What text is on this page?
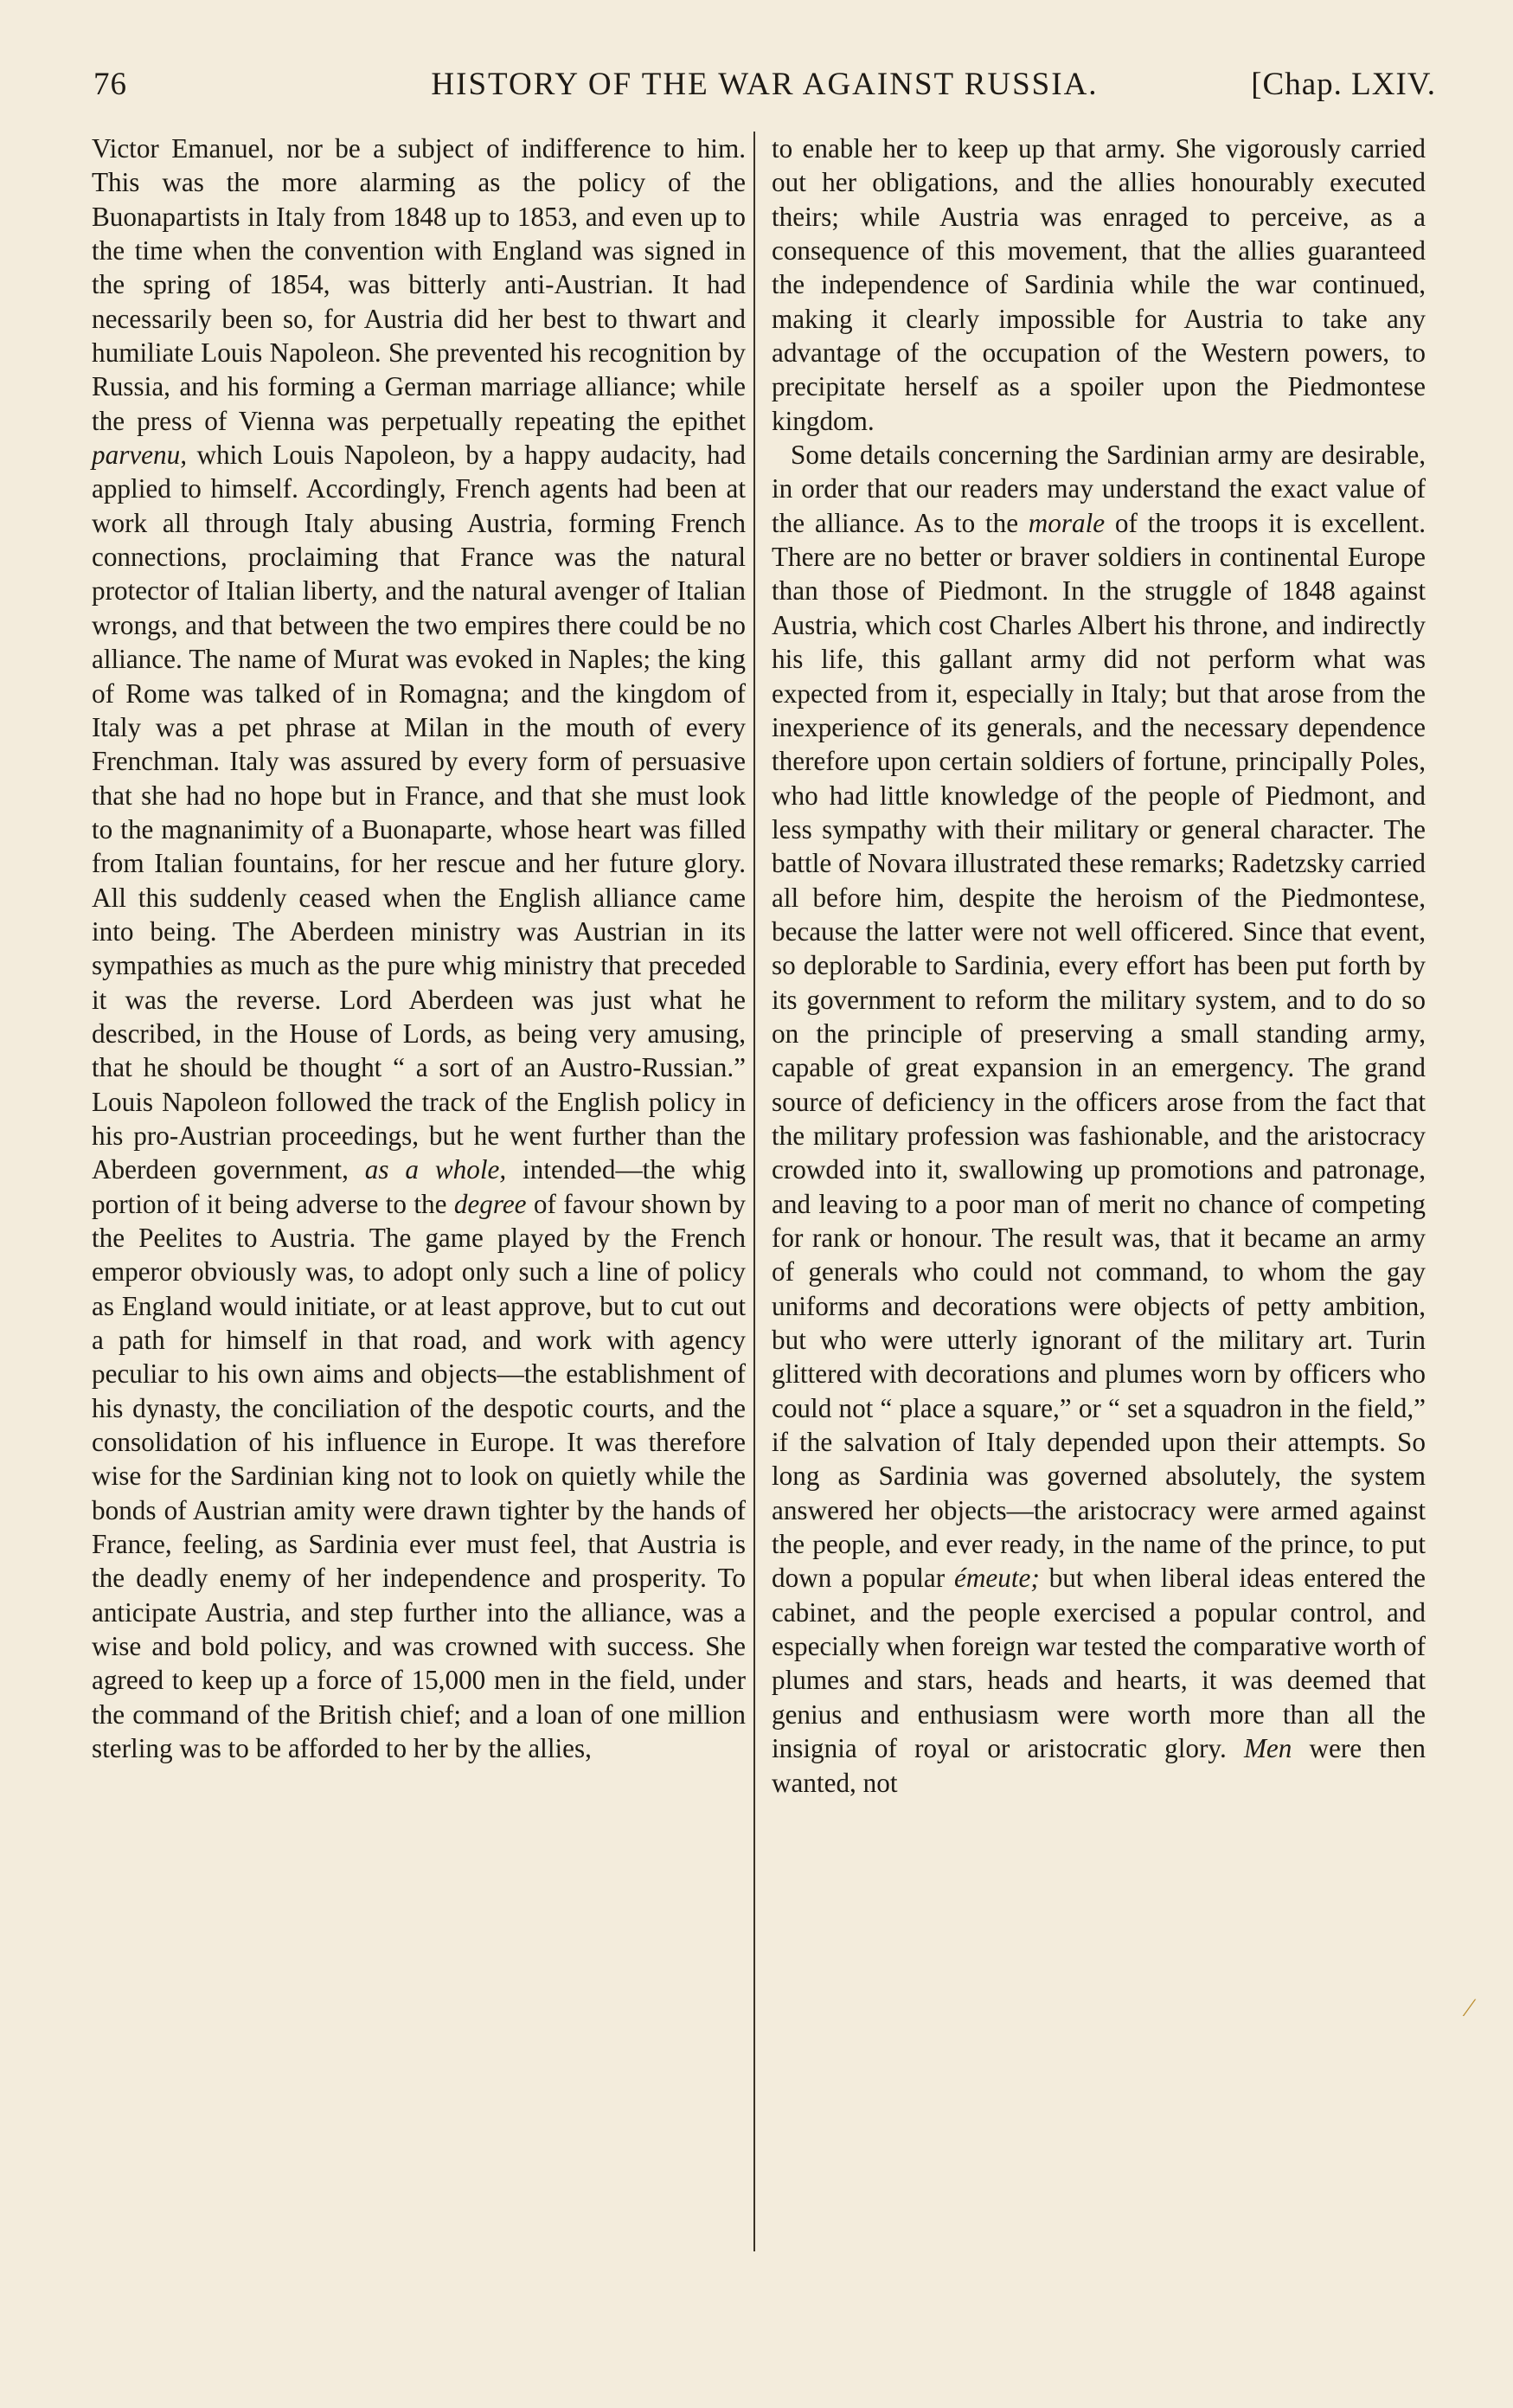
76	HISTORY OF THE WAR AGAINST RUSSIA.	[Chap. LXIV.

Victor Emanuel, nor be a subject of indifference to him. This was the more alarming as the policy of the Buonapartists in Italy from 1848 up to 1853, and even up to the time when the convention with England was signed in the spring of 1854, was bitterly anti-Austrian. It had necessarily been so, for Austria did her best to thwart and humiliate Louis Napoleon. She prevented his recognition by Russia, and his forming a German marriage alliance; while the press of Vienna was perpetually repeating the epithet parvenu, which Louis Napoleon, by a happy audacity, had applied to himself. Accordingly, French agents had been at work all through Italy abusing Austria, forming French connections, proclaiming that France was the natural protector of Italian liberty, and the natural avenger of Italian wrongs, and that between the two empires there could be no alliance. The name of Murat was evoked in Naples; the king of Rome was talked of in Romagna; and the kingdom of Italy was a pet phrase at Milan in the mouth of every Frenchman. Italy was assured by every form of persuasive that she had no hope but in France, and that she must look to the magnanimity of a Buonaparte, whose heart was filled from Italian fountains, for her rescue and her future glory. All this suddenly ceased when the English alliance came into being. The Aberdeen ministry was Austrian in its sympathies as much as the pure whig ministry that preceded it was the reverse. Lord Aberdeen was just what he described, in the House of Lords, as being very amusing, that he should be thought “ a sort of an Austro-Russian.” Louis Napoleon followed the track of the English policy in his pro-Austrian proceedings, but he went further than the Aberdeen government, as a whole, intended—the whig portion of it being adverse to the degree of favour shown by the Peelites to Austria. The game played by the French emperor obviously was, to adopt only such a line of policy as England would initiate, or at least approve, but to cut out a path for himself in that road, and work with agency peculiar to his own aims and objects—the establishment of his dynasty, the conciliation of the despotic courts, and the consolidation of his influence in Europe. It was therefore wise for the Sardinian king not to look on quietly while the bonds of Austrian amity were drawn tighter by the hands of France, feeling, as Sardinia ever must feel, that Austria is the deadly enemy of her independence and prosperity. To anticipate Austria, and step further into the alliance, was a wise and bold policy, and was crowned with success. She agreed to keep up a force of 15,000 men in the field, under the command of the British chief; and a loan of one million sterling was to be afforded to her by the allies,

to enable her to keep up that army. She vigorously carried out her obligations, and the allies honourably executed theirs; while Austria was enraged to perceive, as a consequence of this movement, that the allies guaranteed the independence of Sardinia while the war continued, making it clearly impossible for Austria to take any advantage of the occupation of the Western powers, to precipitate herself as a spoiler upon the Piedmontese kingdom.

Some details concerning the Sardinian army are desirable, in order that our readers may understand the exact value of the alliance. As to the morale of the troops it is excellent. There are no better or braver soldiers in continental Europe than those of Piedmont. In the struggle of 1848 against Austria, which cost Charles Albert his throne, and indirectly his life, this gallant army did not perform what was expected from it, especially in Italy; but that arose from the inexperience of its generals, and the necessary dependence therefore upon certain soldiers of fortune, principally Poles, who had little knowledge of the people of Piedmont, and less sympathy with their military or general character. The battle of Novara illustrated these remarks; Radetzsky carried all before him, despite the heroism of the Piedmontese, because the latter were not well officered. Since that event, so deplorable to Sardinia, every effort has been put forth by its government to reform the military system, and to do so on the principle of preserving a small standing army, capable of great expansion in an emergency. The grand source of deficiency in the officers arose from the fact that the military profession was fashionable, and the aristocracy crowded into it, swallowing up promotions and patronage, and leaving to a poor man of merit no chance of competing for rank or honour. The result was, that it became an army of generals who could not command, to whom the gay uniforms and decorations were objects of petty ambition, but who were utterly ignorant of the military art. Turin glittered with decorations and plumes worn by officers who could not “ place a square,” or “ set a squadron in the field,” if the salvation of Italy depended upon their attempts. So long as Sardinia was governed absolutely, the system answered her objects—the aristocracy were armed against the people, and ever ready, in the name of the prince, to put down a popular émeute; but when liberal ideas entered the cabinet, and the people exercised a popular control, and especially when foreign war tested the comparative worth of plumes and stars, heads and hearts, it was deemed that genius and enthusiasm were worth more than all the insignia of royal or aristocratic glory. Men were then wanted, not

⁄
